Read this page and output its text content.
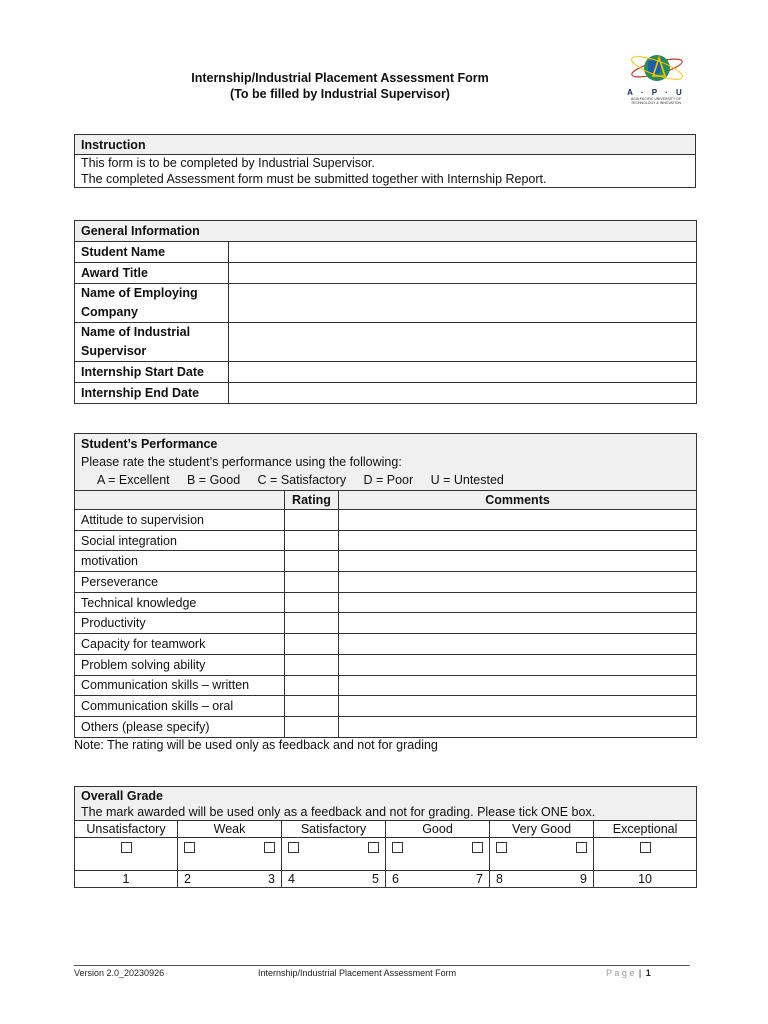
Internship/Industrial Placement Assessment Form
(To be filled by Industrial Supervisor)	A · P · U
ASIA PACIFIC UNIVERSITY OF TECHNOLOGY & INNOVATION
Instruction

This form is to be completed by Industrial Supervisor.
The completed Assessment form must be submitted together with Internship Report.
General Information	
Student Name	
Award Title	
Name of Employing Company	
Name of Industrial Supervisor	
Internship Start Date	
Internship End Date	
Student’s Performance
Please rate the student’s performance using the following:
A = Excellent B = Good C = Satisfactory D = Poor U = Untested		

	Rating	Comments
Attitude to supervision		
Social integration		
motivation		
Perseverance		
Technical knowledge		
Productivity		
Capacity for teamwork		
Problem solving ability		
Communication skills – written		
Communication skills – oral		
Others (please specify)		
Note: The rating will be used only as feedback and not for grading
Overall Grade
The mark awarded will be used only as a feedback and not for grading. Please tick ONE box.									

Unsatisfactory	Weak		Satisfactory		Good		Very Good		Exceptional

1	2	3	4	5	6	7	8	9	10
Version 2.0_20230926	Internship/Industrial Placement Assessment Form	P a g e | 1
